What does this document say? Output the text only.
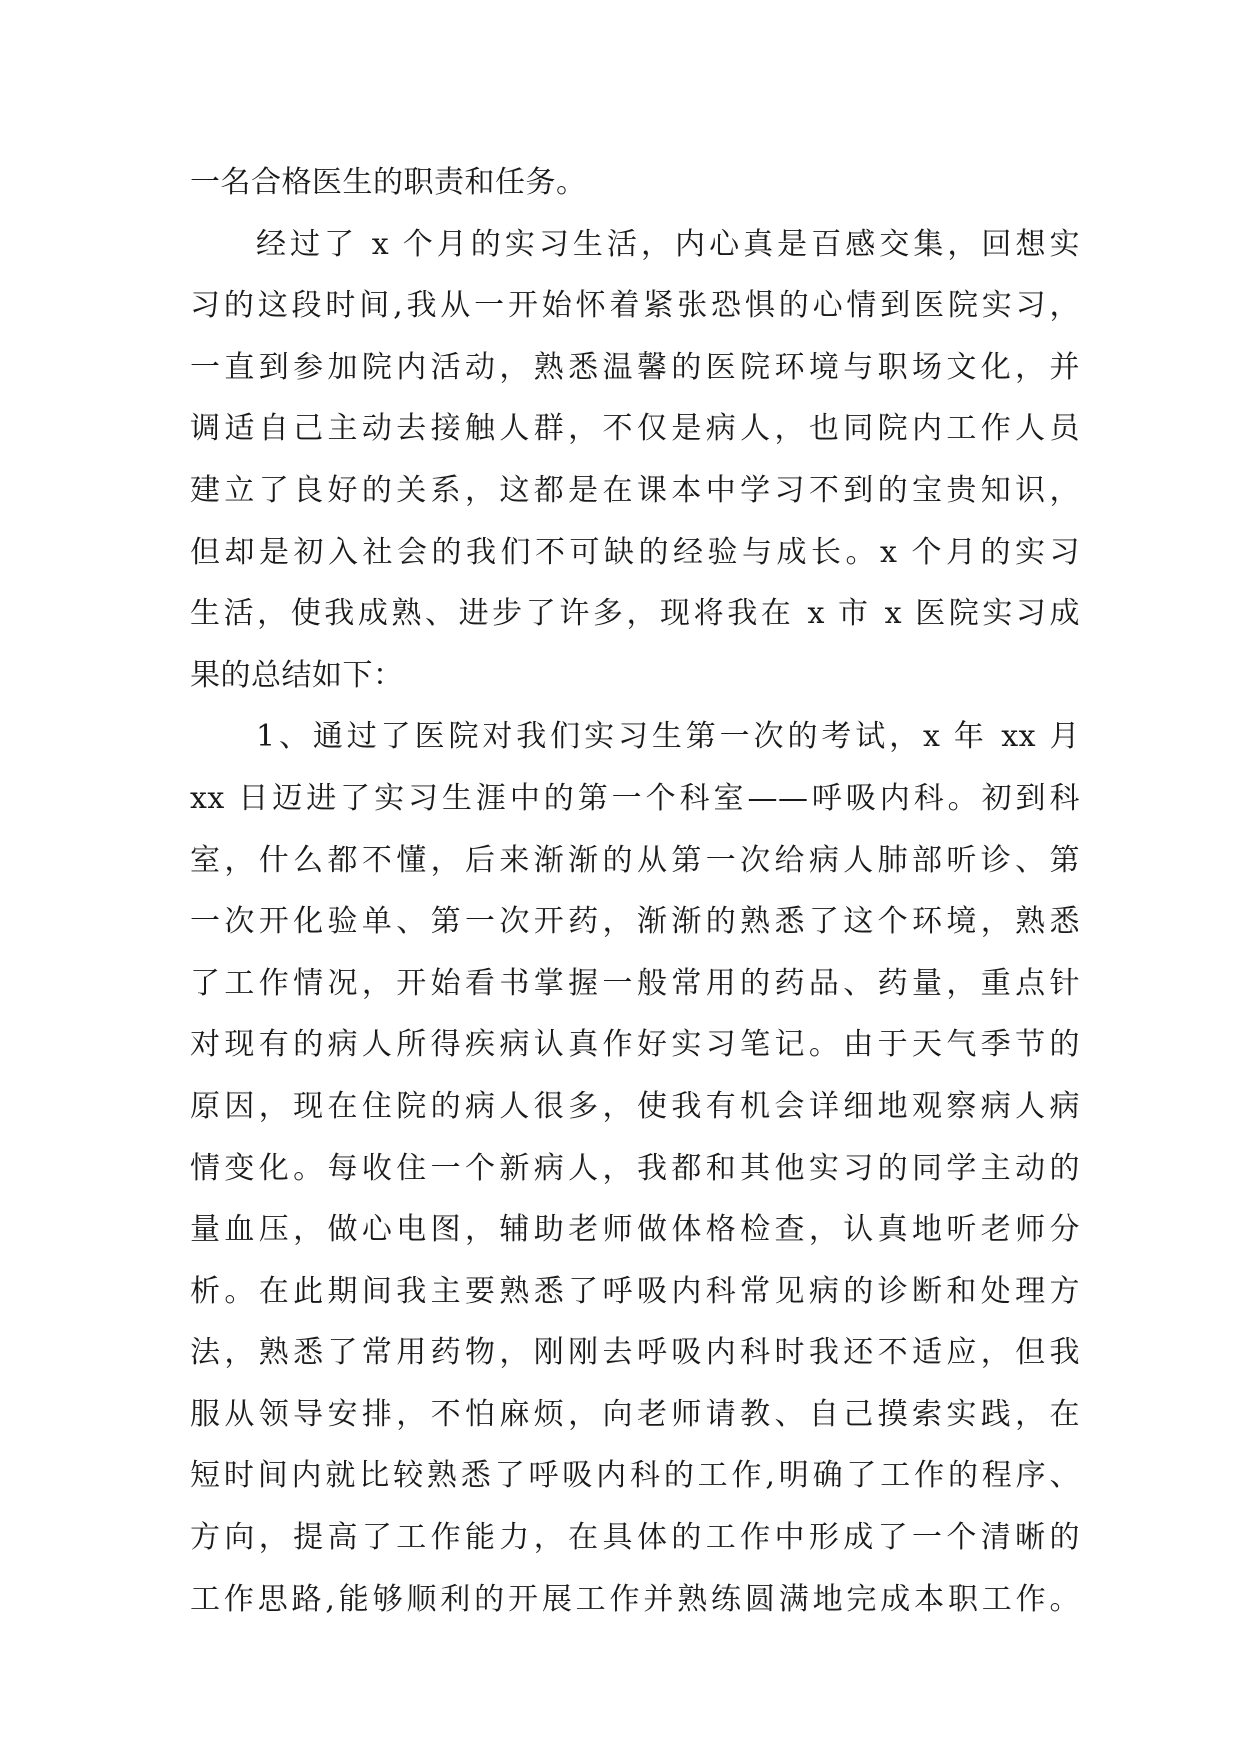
一名合格医生的职责和任务。
经过了 x 个月的实习生活，内心真是百感交集，回想实
习的这段时间,我从一开始怀着紧张恐惧的心情到医院实习，
一直到参加院内活动，熟悉温馨的医院环境与职场文化，并
调适自己主动去接触人群，不仅是病人，也同院内工作人员
建立了良好的关系，这都是在课本中学习不到的宝贵知识，
但却是初入社会的我们不可缺的经验与成长。x 个月的实习
生活，使我成熟、进步了许多，现将我在 x 市 x 医院实习成
果的总结如下：
1、通过了医院对我们实习生第一次的考试，x 年 xx 月
xx 日迈进了实习生涯中的第一个科室——呼吸内科。初到科
室，什么都不懂，后来渐渐的从第一次给病人肺部听诊、第
一次开化验单、第一次开药，渐渐的熟悉了这个环境，熟悉
了工作情况，开始看书掌握一般常用的药品、药量，重点针
对现有的病人所得疾病认真作好实习笔记。由于天气季节的
原因，现在住院的病人很多，使我有机会详细地观察病人病
情变化。每收住一个新病人，我都和其他实习的同学主动的
量血压，做心电图，辅助老师做体格检查，认真地听老师分
析。在此期间我主要熟悉了呼吸内科常见病的诊断和处理方
法，熟悉了常用药物，刚刚去呼吸内科时我还不适应，但我
服从领导安排，不怕麻烦，向老师请教、自己摸索实践，在
短时间内就比较熟悉了呼吸内科的工作,明确了工作的程序、
方向，提高了工作能力，在具体的工作中形成了一个清晰的
工作思路,能够顺利的开展工作并熟练圆满地完成本职工作。
